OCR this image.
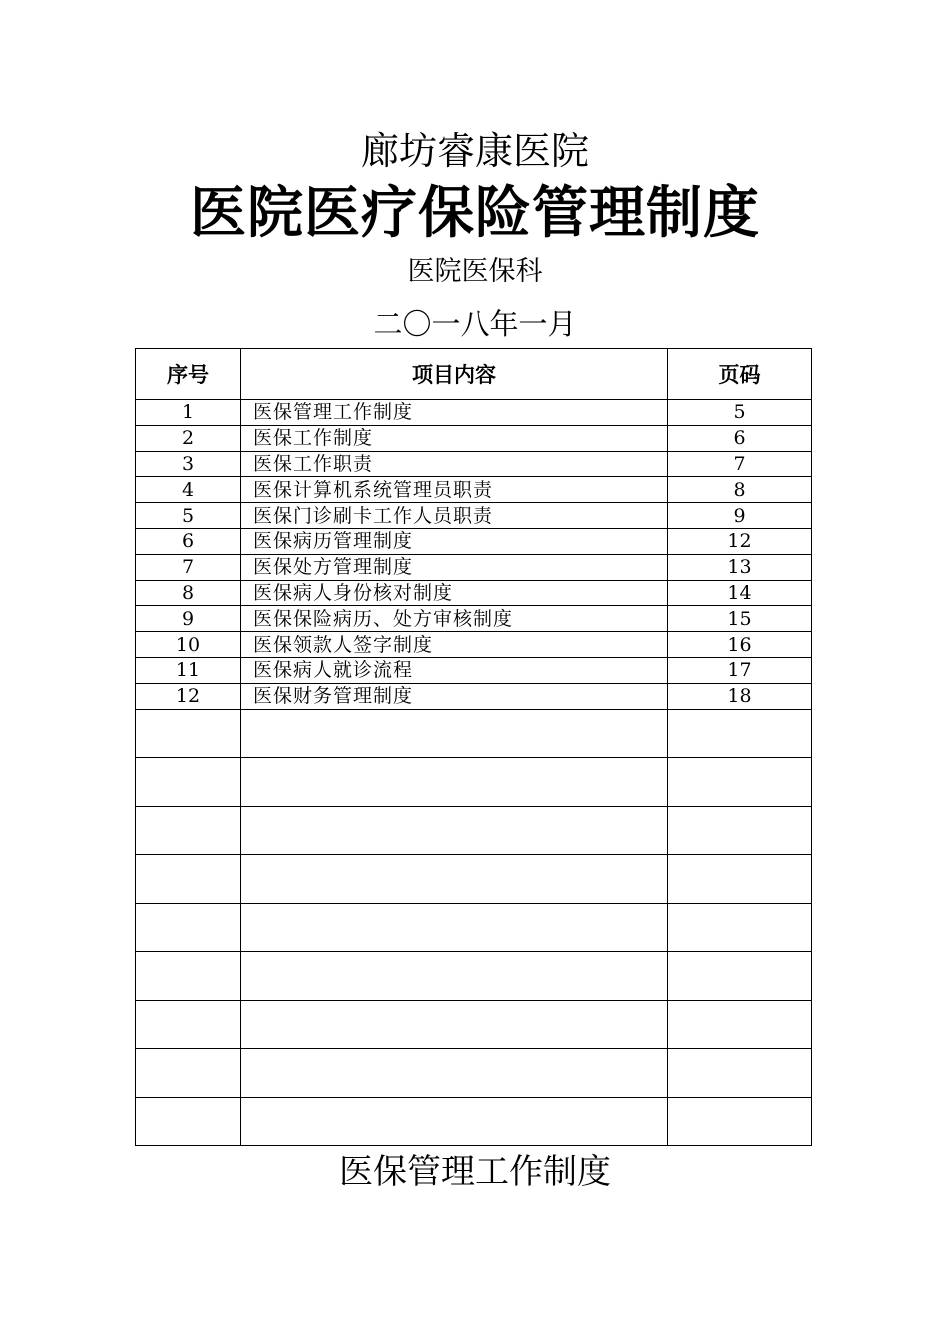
廊坊睿康医院
医院医疗保险管理制度
医院医保科
二〇一八年一月
序号	项目内容	页码
1	医保管理工作制度	5
2	医保工作制度	6
3	医保工作职责	7
4	医保计算机系统管理员职责	8
5	医保门诊刷卡工作人员职责	9
6	医保病历管理制度	12
7	医保处方管理制度	13
8	医保病人身份核对制度	14
9	医保保险病历、处方审核制度	15
10	医保领款人签字制度	16
11	医保病人就诊流程	17
12	医保财务管理制度	18

医保管理工作制度
